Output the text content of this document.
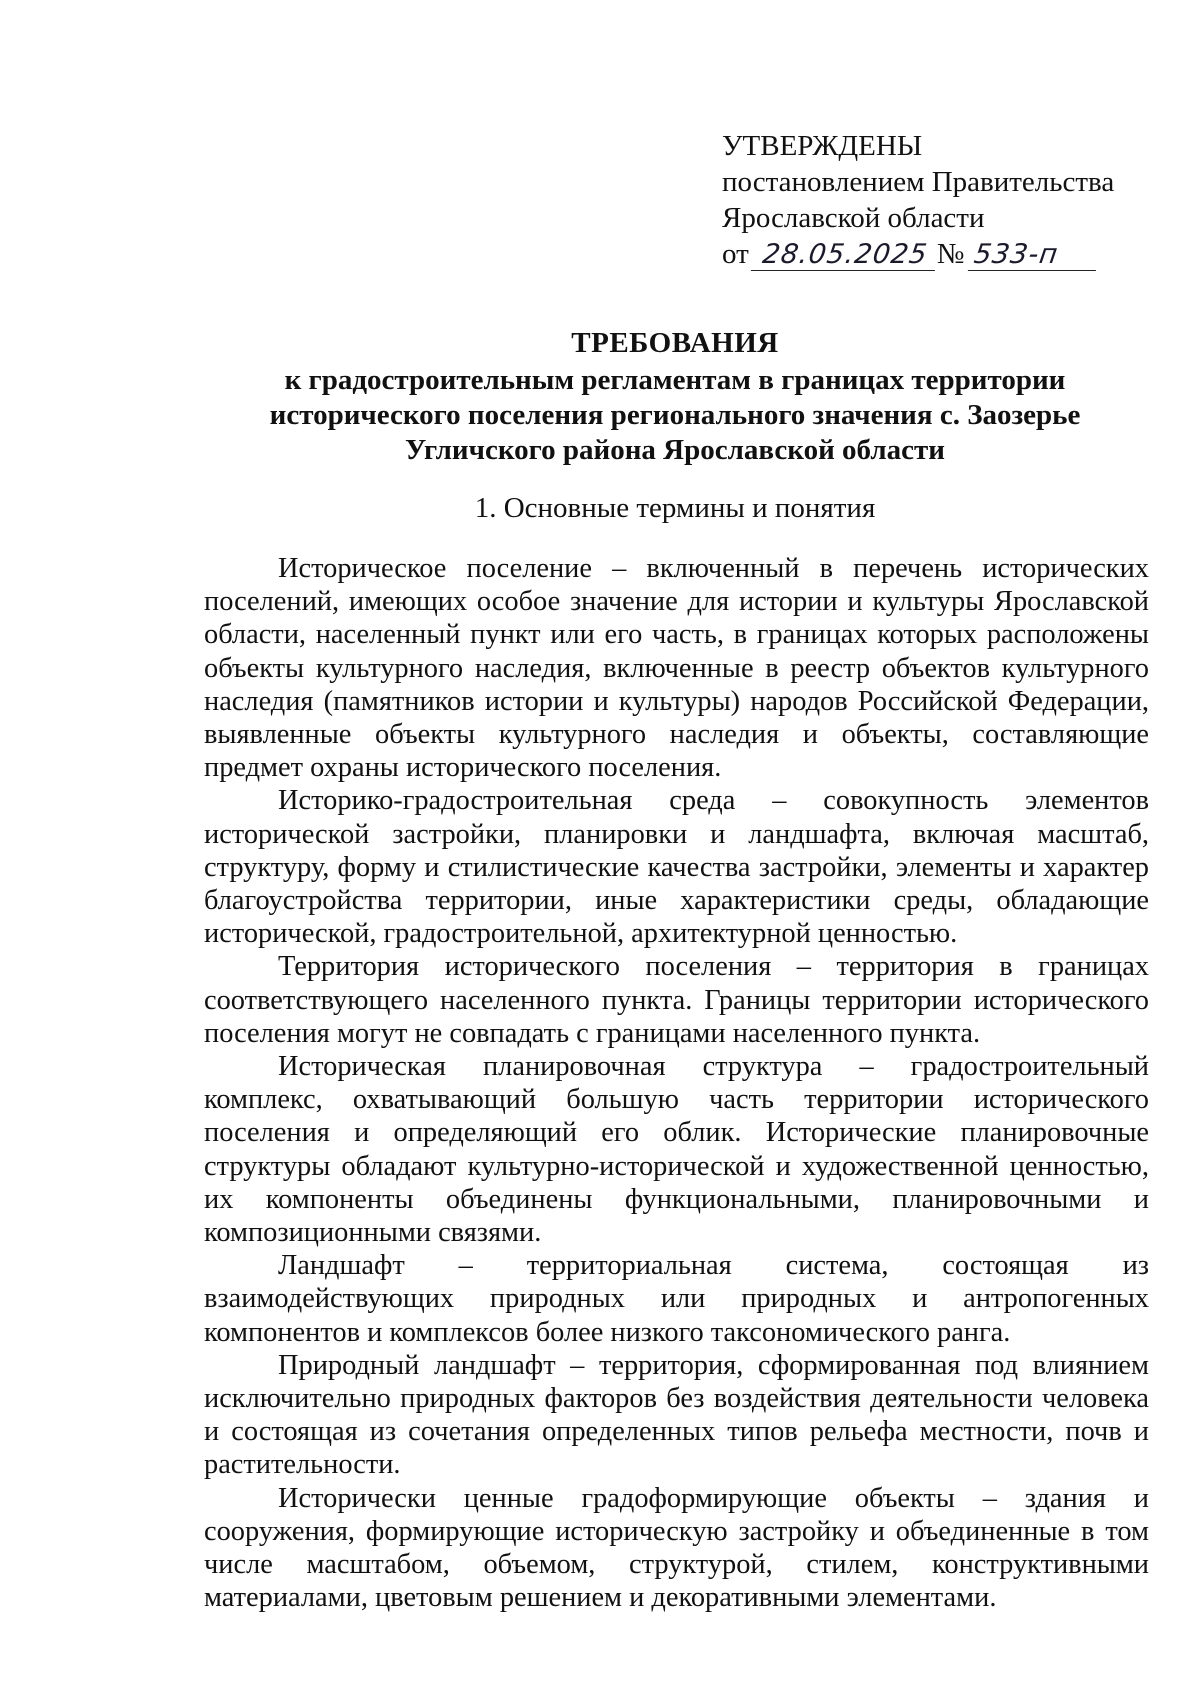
УТВЕРЖДЕНЫ
постановлением Правительства
Ярославской области
от 28.05.2025 № 533-п
ТРЕБОВАНИЯ
к градостроительным регламентам в границах территории
исторического поселения регионального значения с. Заозерье
Угличского района Ярославской области
1. Основные термины и понятия

Историческое поселение – включенный в перечень исторических поселений, имеющих особое значение для истории и культуры Ярославской области, населенный пункт или его часть, в границах которых расположены объекты культурного наследия, включенные в реестр объектов культурного наследия (памятников истории и культуры) народов Российской Федерации, выявленные объекты культурного наследия и объекты, составляющие предмет охраны исторического поселения.

Историко-градостроительная среда – совокупность элементов исторической застройки, планировки и ландшафта, включая масштаб, структуру, форму и стилистические качества застройки, элементы и характер благоустройства территории, иные характеристики среды, обладающие исторической, градостроительной, архитектурной ценностью.

Территория исторического поселения – территория в границах соответствующего населенного пункта. Границы территории исторического поселения могут не совпадать с границами населенного пункта.

Историческая планировочная структура – градостроительный комплекс, охватывающий большую часть территории исторического поселения и определяющий его облик. Исторические планировочные структуры обладают культурно-исторической и художественной ценностью, их компоненты объединены функциональными, планировочными и композиционными связями.

Ландшафт – территориальная система, состоящая из взаимодействующих природных или природных и антропогенных компонентов и комплексов более низкого таксономического ранга.

Природный ландшафт – территория, сформированная под влиянием исключительно природных факторов без воздействия деятельности человека и состоящая из сочетания определенных типов рельефа местности, почв и растительности.

Исторически ценные градоформирующие объекты – здания и сооружения, формирующие историческую застройку и объединенные в том числе масштабом, объемом, структурой, стилем, конструктивными материалами, цветовым решением и декоративными элементами.
